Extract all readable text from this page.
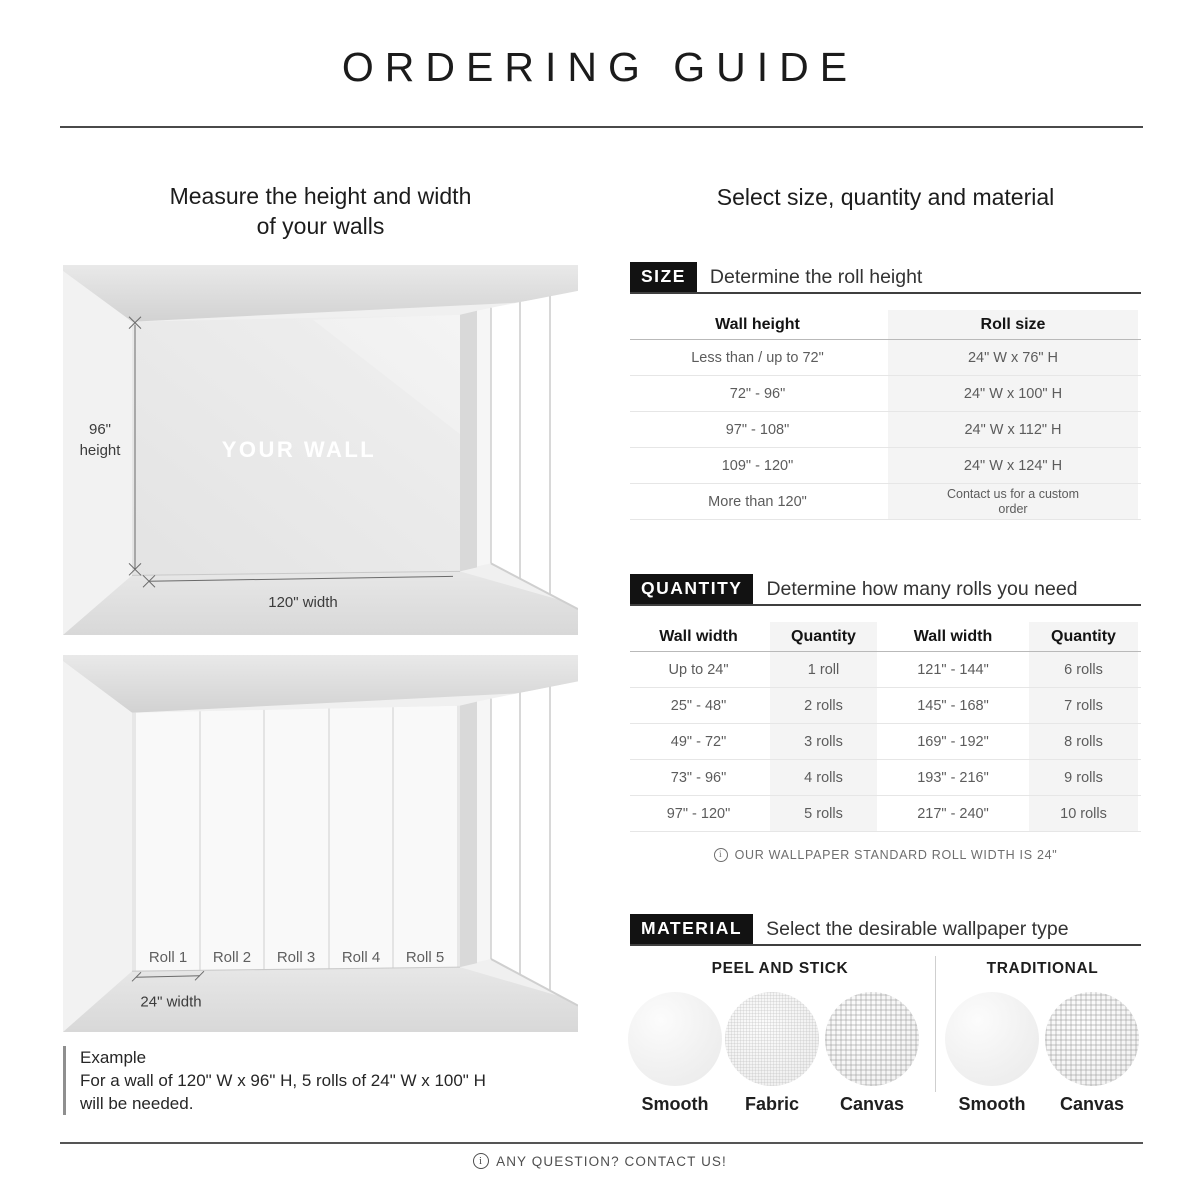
ORDERING GUIDE
Measure the height and width
of your walls
96"
height	YOUR WALL
120" width
Roll 1 Roll 2 Roll 3 Roll 4 Roll 5
24" width
Example
For a wall of 120" W x 96" H, 5 rolls of 24" W x 100" H
will be needed.
Select size, quantity and material
SIZE	Determine the roll height
Wall height	Roll size
Less than / up to 72"	24" W x 76" H
72" - 96"	24" W x 100" H
97" - 108"	24" W x 112" H
109" - 120"	24" W x 124" H
More than 120"	Contact us for a custom order
QUANTITY	Determine how many rolls you need
Wall width	Quantity	Wall width	Quantity
Up to 24"	1 roll	121" - 144"	6 rolls
25" - 48"	2 rolls	145" - 168"	7 rolls
49" - 72"	3 rolls	169" - 192"	8 rolls
73" - 96"	4 rolls	193" - 216"	9 rolls
97" - 120"	5 rolls	217" - 240"	10 rolls
i OUR WALLPAPER STANDARD ROLL WIDTH IS 24"
MATERIAL	Select the desirable wallpaper type
PEEL AND STICK	TRADITIONAL
Smooth	Fabric	Canvas	Smooth	Canvas
i ANY QUESTION? CONTACT US!
